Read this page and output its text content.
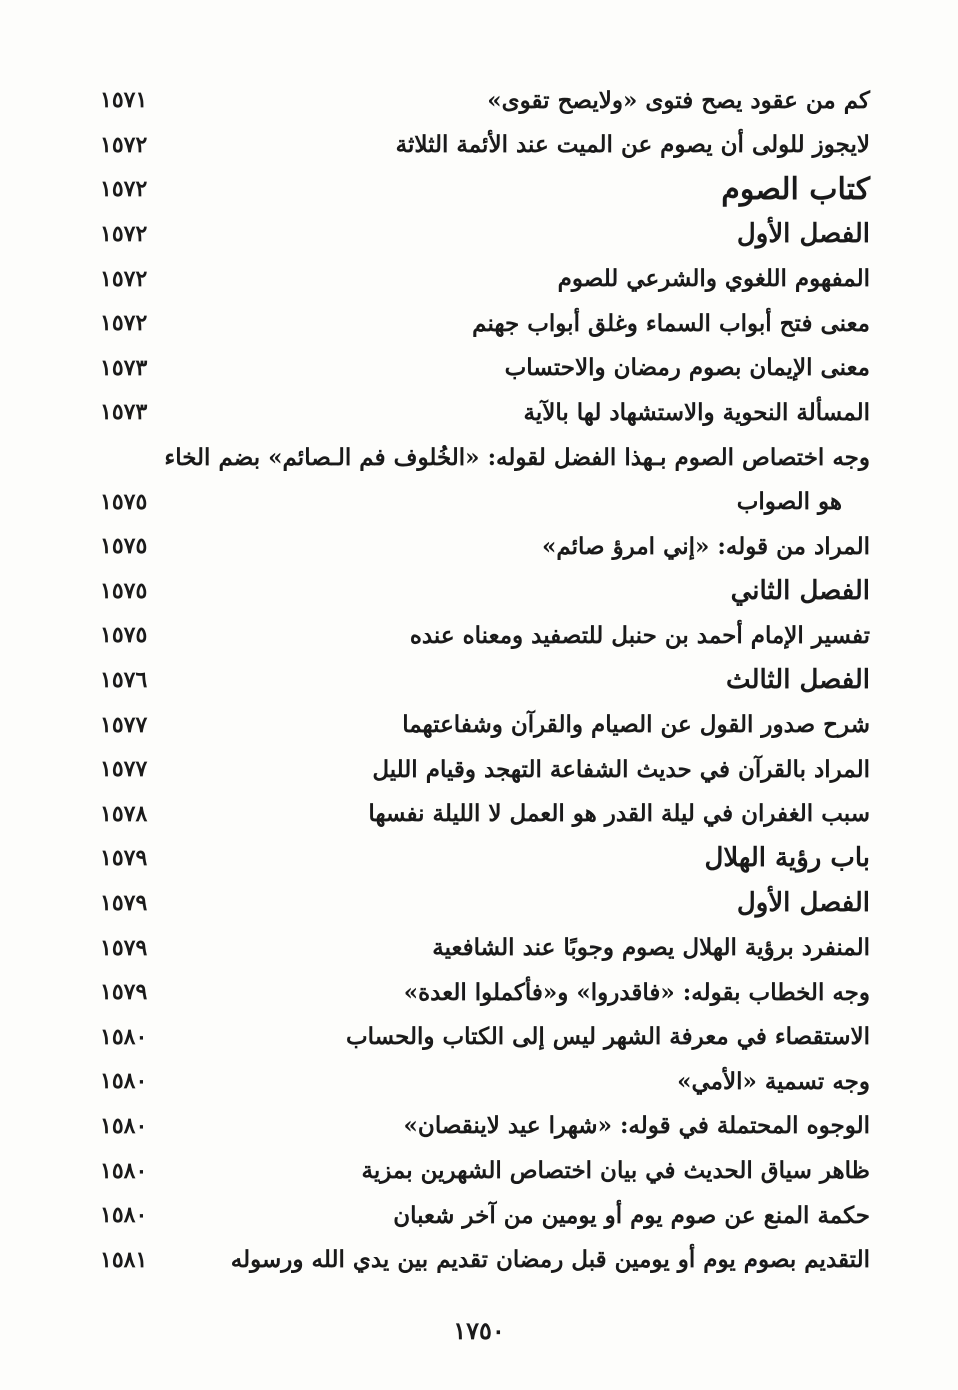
كم من عقود يصح فتوى «ولايصح تقوى»
١٥٧١
لايجوز للولى أن يصوم عن الميت عند الأئمة الثلاثة
١٥٧٢
كتاب الصوم
١٥٧٢
الفصل الأول
١٥٧٢
المفهوم اللغوي والشرعي للصوم
١٥٧٢
معنى فتح أبواب السماء وغلق أبواب جهنم
١٥٧٢
معنى الإيمان بصوم رمضان والاحتساب
١٥٧٣
المسألة النحوية والاستشهاد لها بالآية
١٥٧٣
وجه اختصاص الصوم بـهذا الفضل لقوله: «الخُلوف فم الـصائم» بضم الخاء
هو الصواب
١٥٧٥
المراد من قوله: «إني امرؤ صائم»
١٥٧٥
الفصل الثاني
١٥٧٥
تفسير الإمام أحمد بن حنبل للتصفيد ومعناه عنده
١٥٧٥
الفصل الثالث
١٥٧٦
شرح صدور القول عن الصيام والقرآن وشفاعتهما
١٥٧٧
المراد بالقرآن في حديث الشفاعة التهجد وقيام الليل
١٥٧٧
سبب الغفران في ليلة القدر هو العمل لا الليلة نفسها
١٥٧٨
باب رؤية الهلال
١٥٧٩
الفصل الأول
١٥٧٩
المنفرد برؤية الهلال يصوم وجوبًا عند الشافعية
١٥٧٩
وجه الخطاب بقوله: «فاقدروا» و«فأكملوا العدة»
١٥٧٩
الاستقصاء في معرفة الشهر ليس إلى الكتاب والحساب
١٥٨٠
وجه تسمية «الأمي»
١٥٨٠
الوجوه المحتملة في قوله: «شهرا عيد لاينقصان»
١٥٨٠
ظاهر سياق الحديث في بيان اختصاص الشهرين بمزية
١٥٨٠
حكمة المنع عن صوم يوم أو يومين من آخر شعبان
١٥٨٠
التقديم بصوم يوم أو يومين قبل رمضان تقديم بين يدي الله ورسوله
١٥٨١
١٧٥٠
